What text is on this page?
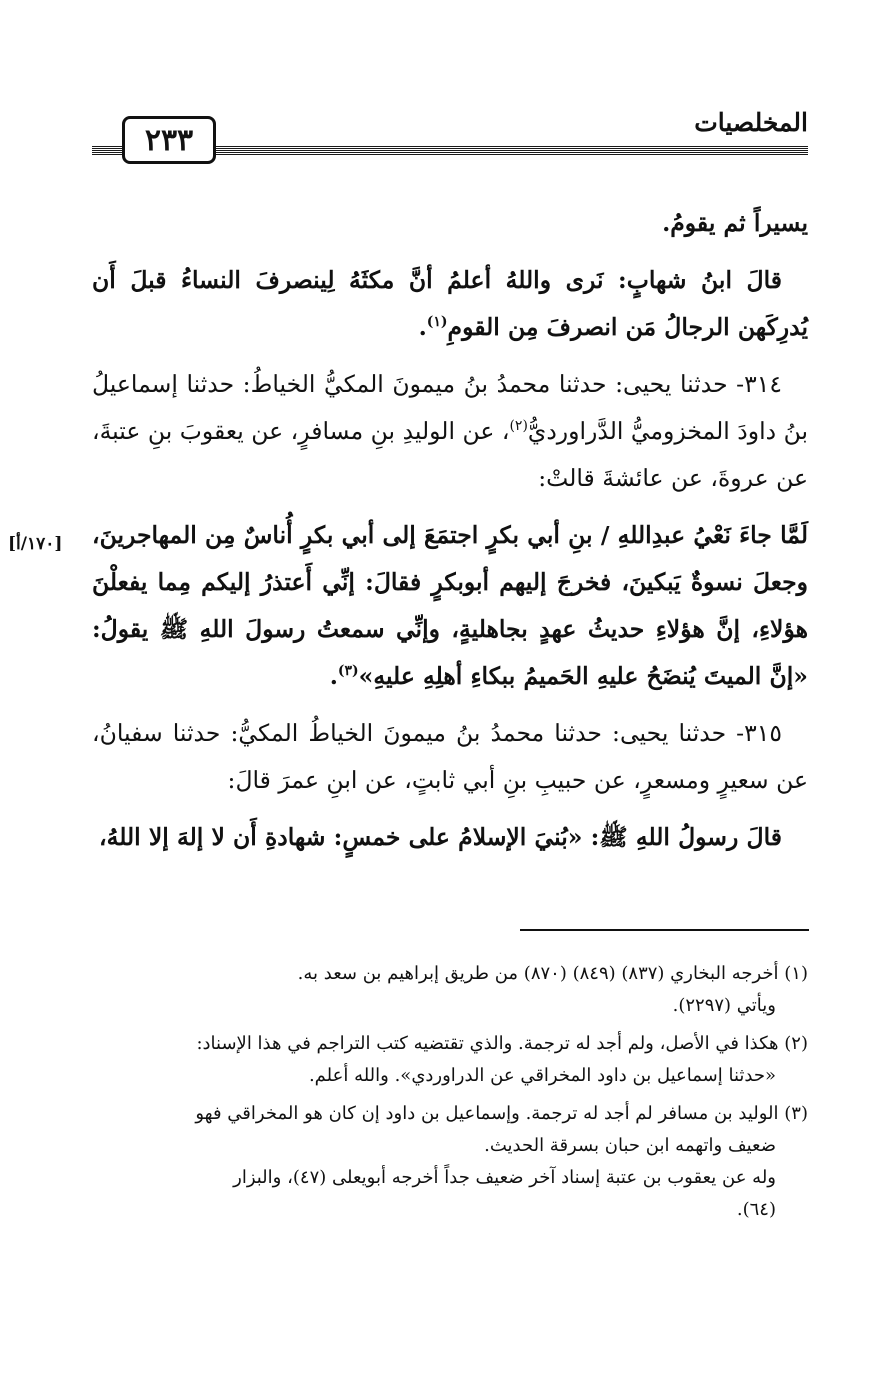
٢٣٣	المخلصيات
[١٧٠/أ]

يسيراً ثم يقومُ.

قالَ ابنُ شهابٍ: نَرى واللهُ أعلمُ أنَّ مكثَهُ لِينصرفَ النساءُ قبلَ أَن يُدرِكَهن الرجالُ مَن انصرفَ مِن القومِ$^{(١)}$.

٣١٤- حدثنا يحيى: حدثنا محمدُ بنُ ميمونَ المكيُّ الخياطُ: حدثنا إسماعيلُ بنُ داودَ المخزوميُّ الدَّراورديُّ$^{(٢)}$، عن الوليدِ بنِ مسافرٍ، عن يعقوبَ بنِ عتبةَ، عن عروةَ، عن عائشةَ قالتْ:

لَمَّا جاءَ نَعْيُ عبدِاللهِ / بنِ أبي بكرٍ اجتمَعَ إلى أبي بكرٍ أُناسٌ مِن المهاجرينَ، وجعلَ نسوةٌ يَبكينَ، فخرجَ إليهم أبوبكرٍ فقالَ: إنِّي أَعتذرُ إليكم مِما يفعلْنَ هؤلاءِ، إنَّ هؤلاءِ حديثُ عهدٍ بجاهليةٍ، وإنِّي سمعتُ رسولَ اللهِ ﷺ يقولُ: «إنَّ الميتَ يُنضَحُ عليهِ الحَميمُ ببكاءِ أهلِهِ عليهِ»$^{(٣)}$.

٣١٥- حدثنا يحيى: حدثنا محمدُ بنُ ميمونَ الخياطُ المكيُّ: حدثنا سفيانُ، عن سعيرٍ ومسعرٍ، عن حبيبِ بنِ أبي ثابتٍ، عن ابنِ عمرَ قالَ:

قالَ رسولُ اللهِ ﷺ: «بُنيَ الإسلامُ على خمسٍ: شهادةِ أَن لا إلهَ إلا اللهُ،

(١) أخرجه البخاري (٨٣٧) (٨٤٩) (٨٧٠) من طريق إبراهيم بن سعد به.
ويأتي (٢٢٩٧).
(٢) هكذا في الأصل، ولم أجد له ترجمة. والذي تقتضيه كتب التراجم في هذا الإسناد:
«حدثنا إسماعيل بن داود المخراقي عن الدراوردي». والله أعلم.
(٣) الوليد بن مسافر لم أجد له ترجمة. وإسماعيل بن داود إن كان هو المخراقي فهو
ضعيف واتهمه ابن حبان بسرقة الحديث.
وله عن يعقوب بن عتبة إسناد آخر ضعيف جداً أخرجه أبويعلى (٤٧)، والبزار
(٦٤).
